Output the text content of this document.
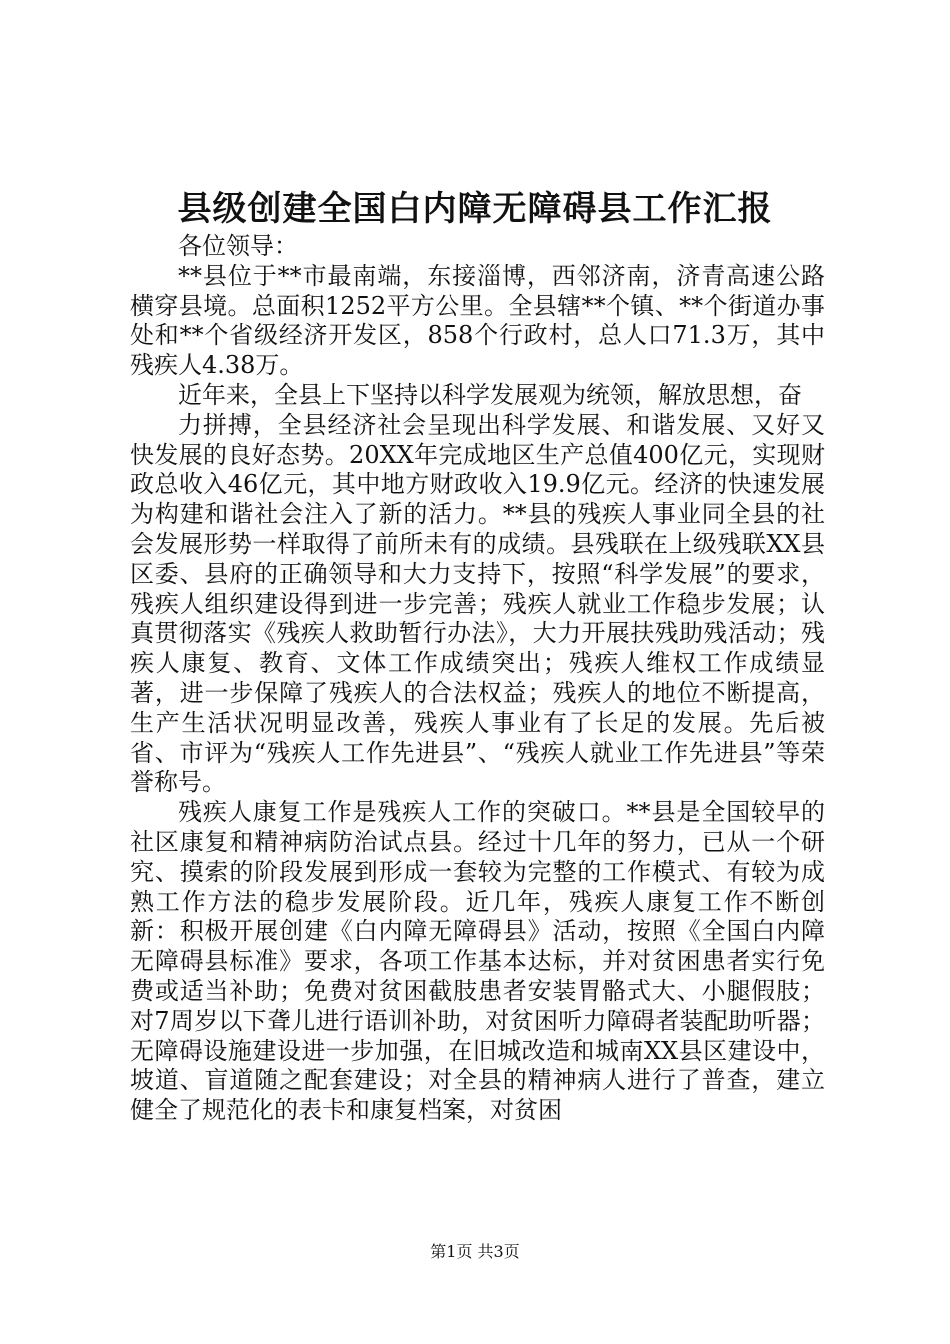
县级创建全国白内障无障碍县工作汇报

各位领导：

**县位于**市最南端，东接淄博，西邻济南，济青高速公路横穿县境。总面积1252平方公里。全县辖**个镇、**个街道办事处和**个省级经济开发区，858个行政村，总人口71.3万，其中残疾人4.38万。

近年来，全县上下坚持以科学发展观为统领，解放思想，奋

力拼搏，全县经济社会呈现出科学发展、和谐发展、又好又快发展的良好态势。20XX年完成地区生产总值400亿元，实现财政总收入46亿元，其中地方财政收入19.9亿元。经济的快速发展为构建和谐社会注入了新的活力。**县的残疾人事业同全县的社会发展形势一样取得了前所未有的成绩。县残联在上级残联XX县区委、县府的正确领导和大力支持下，按照“科学发展”的要求，残疾人组织建设得到进一步完善；残疾人就业工作稳步发展；认真贯彻落实《残疾人救助暂行办法》，大力开展扶残助残活动；残疾人康复、教育、文体工作成绩突出；残疾人维权工作成绩显著，进一步保障了残疾人的合法权益；残疾人的地位不断提高，生产生活状况明显改善，残疾人事业有了长足的发展。先后被省、市评为“残疾人工作先进县”、“残疾人就业工作先进县”等荣誉称号。

残疾人康复工作是残疾人工作的突破口。**县是全国较早的社区康复和精神病防治试点县。经过十几年的努力，已从一个研究、摸索的阶段发展到形成一套较为完整的工作模式、有较为成熟工作方法的稳步发展阶段。近几年，残疾人康复工作不断创新：积极开展创建《白内障无障碍县》活动，按照《全国白内障无障碍县标准》要求，各项工作基本达标，并对贫困患者实行免费或适当补助；免费对贫困截肢患者安装胃骼式大、小腿假肢；对7周岁以下聋儿进行语训补助，对贫困听力障碍者装配助听器；无障碍设施建设进一步加强，在旧城改造和城南XX县区建设中，坡道、盲道随之配套建设；对全县的精神病人进行了普查，建立健全了规范化的表卡和康复档案，对贫困

第1页 共3页
